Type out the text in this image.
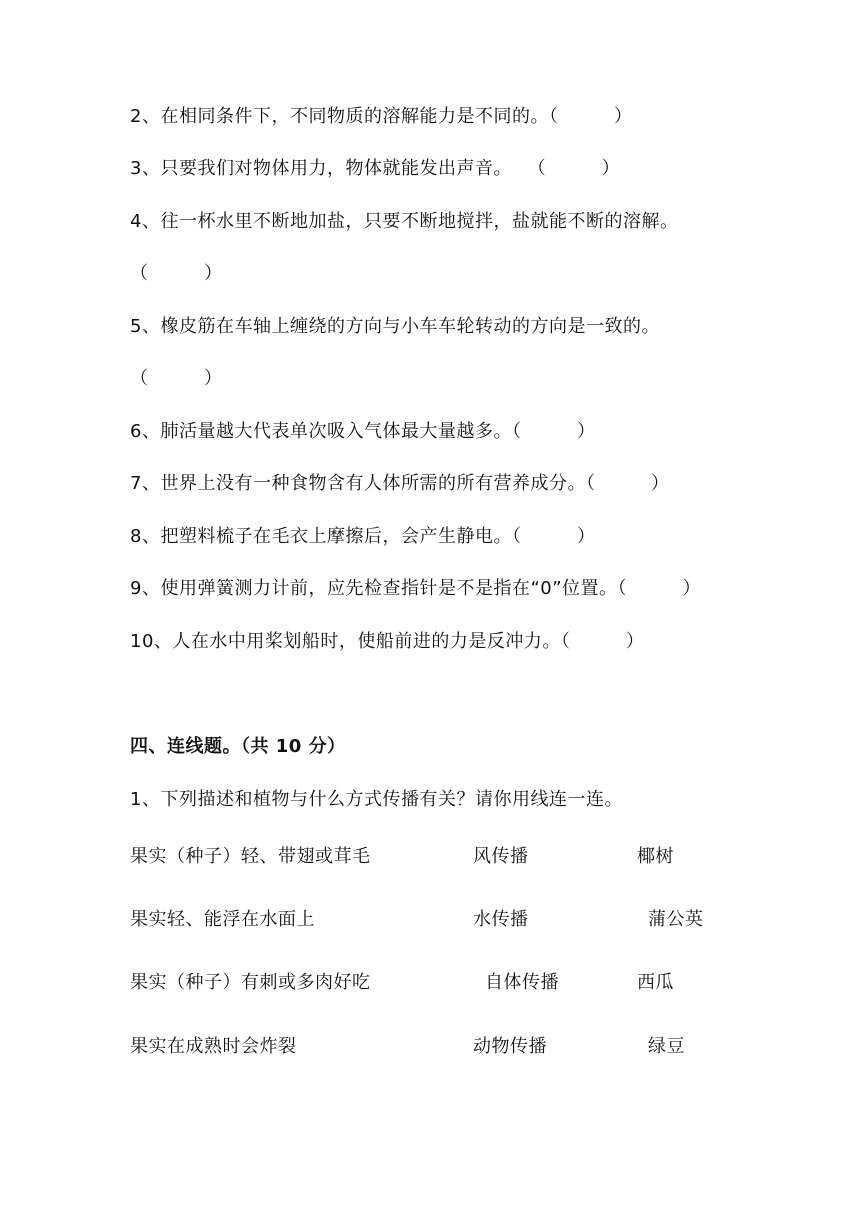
2、在相同条件下，不同物质的溶解能力是不同的。（　　　）
3、只要我们对物体用力，物体就能发出声音。　 （　　　）
4、往一杯水里不断地加盐，只要不断地搅拌，盐就能不断的溶解。
（　　　）
5、橡皮筋在车轴上缠绕的方向与小车车轮转动的方向是一致的。
（　　　）
6、肺活量越大代表单次吸入气体最大量越多。（　　　）
7、世界上没有一种食物含有人体所需的所有营养成分。（　　　）
8、把塑料梳子在毛衣上摩擦后，会产生静电。（　　　）
9、使用弹簧测力计前，应先检查指针是不是指在“0”位置。（　　　）
10、人在水中用桨划船时，使船前进的力是反冲力。（　　　）
四、连线题。（共 10 分）
1、下列描述和植物与什么方式传播有关？请你用线连一连。
果实（种子）轻、带翅或茸毛	风传播	椰树
果实轻、能浮在水面上	水传播	蒲公英
果实（种子）有刺或多肉好吃	自体传播	西瓜
果实在成熟时会炸裂	动物传播	绿豆
